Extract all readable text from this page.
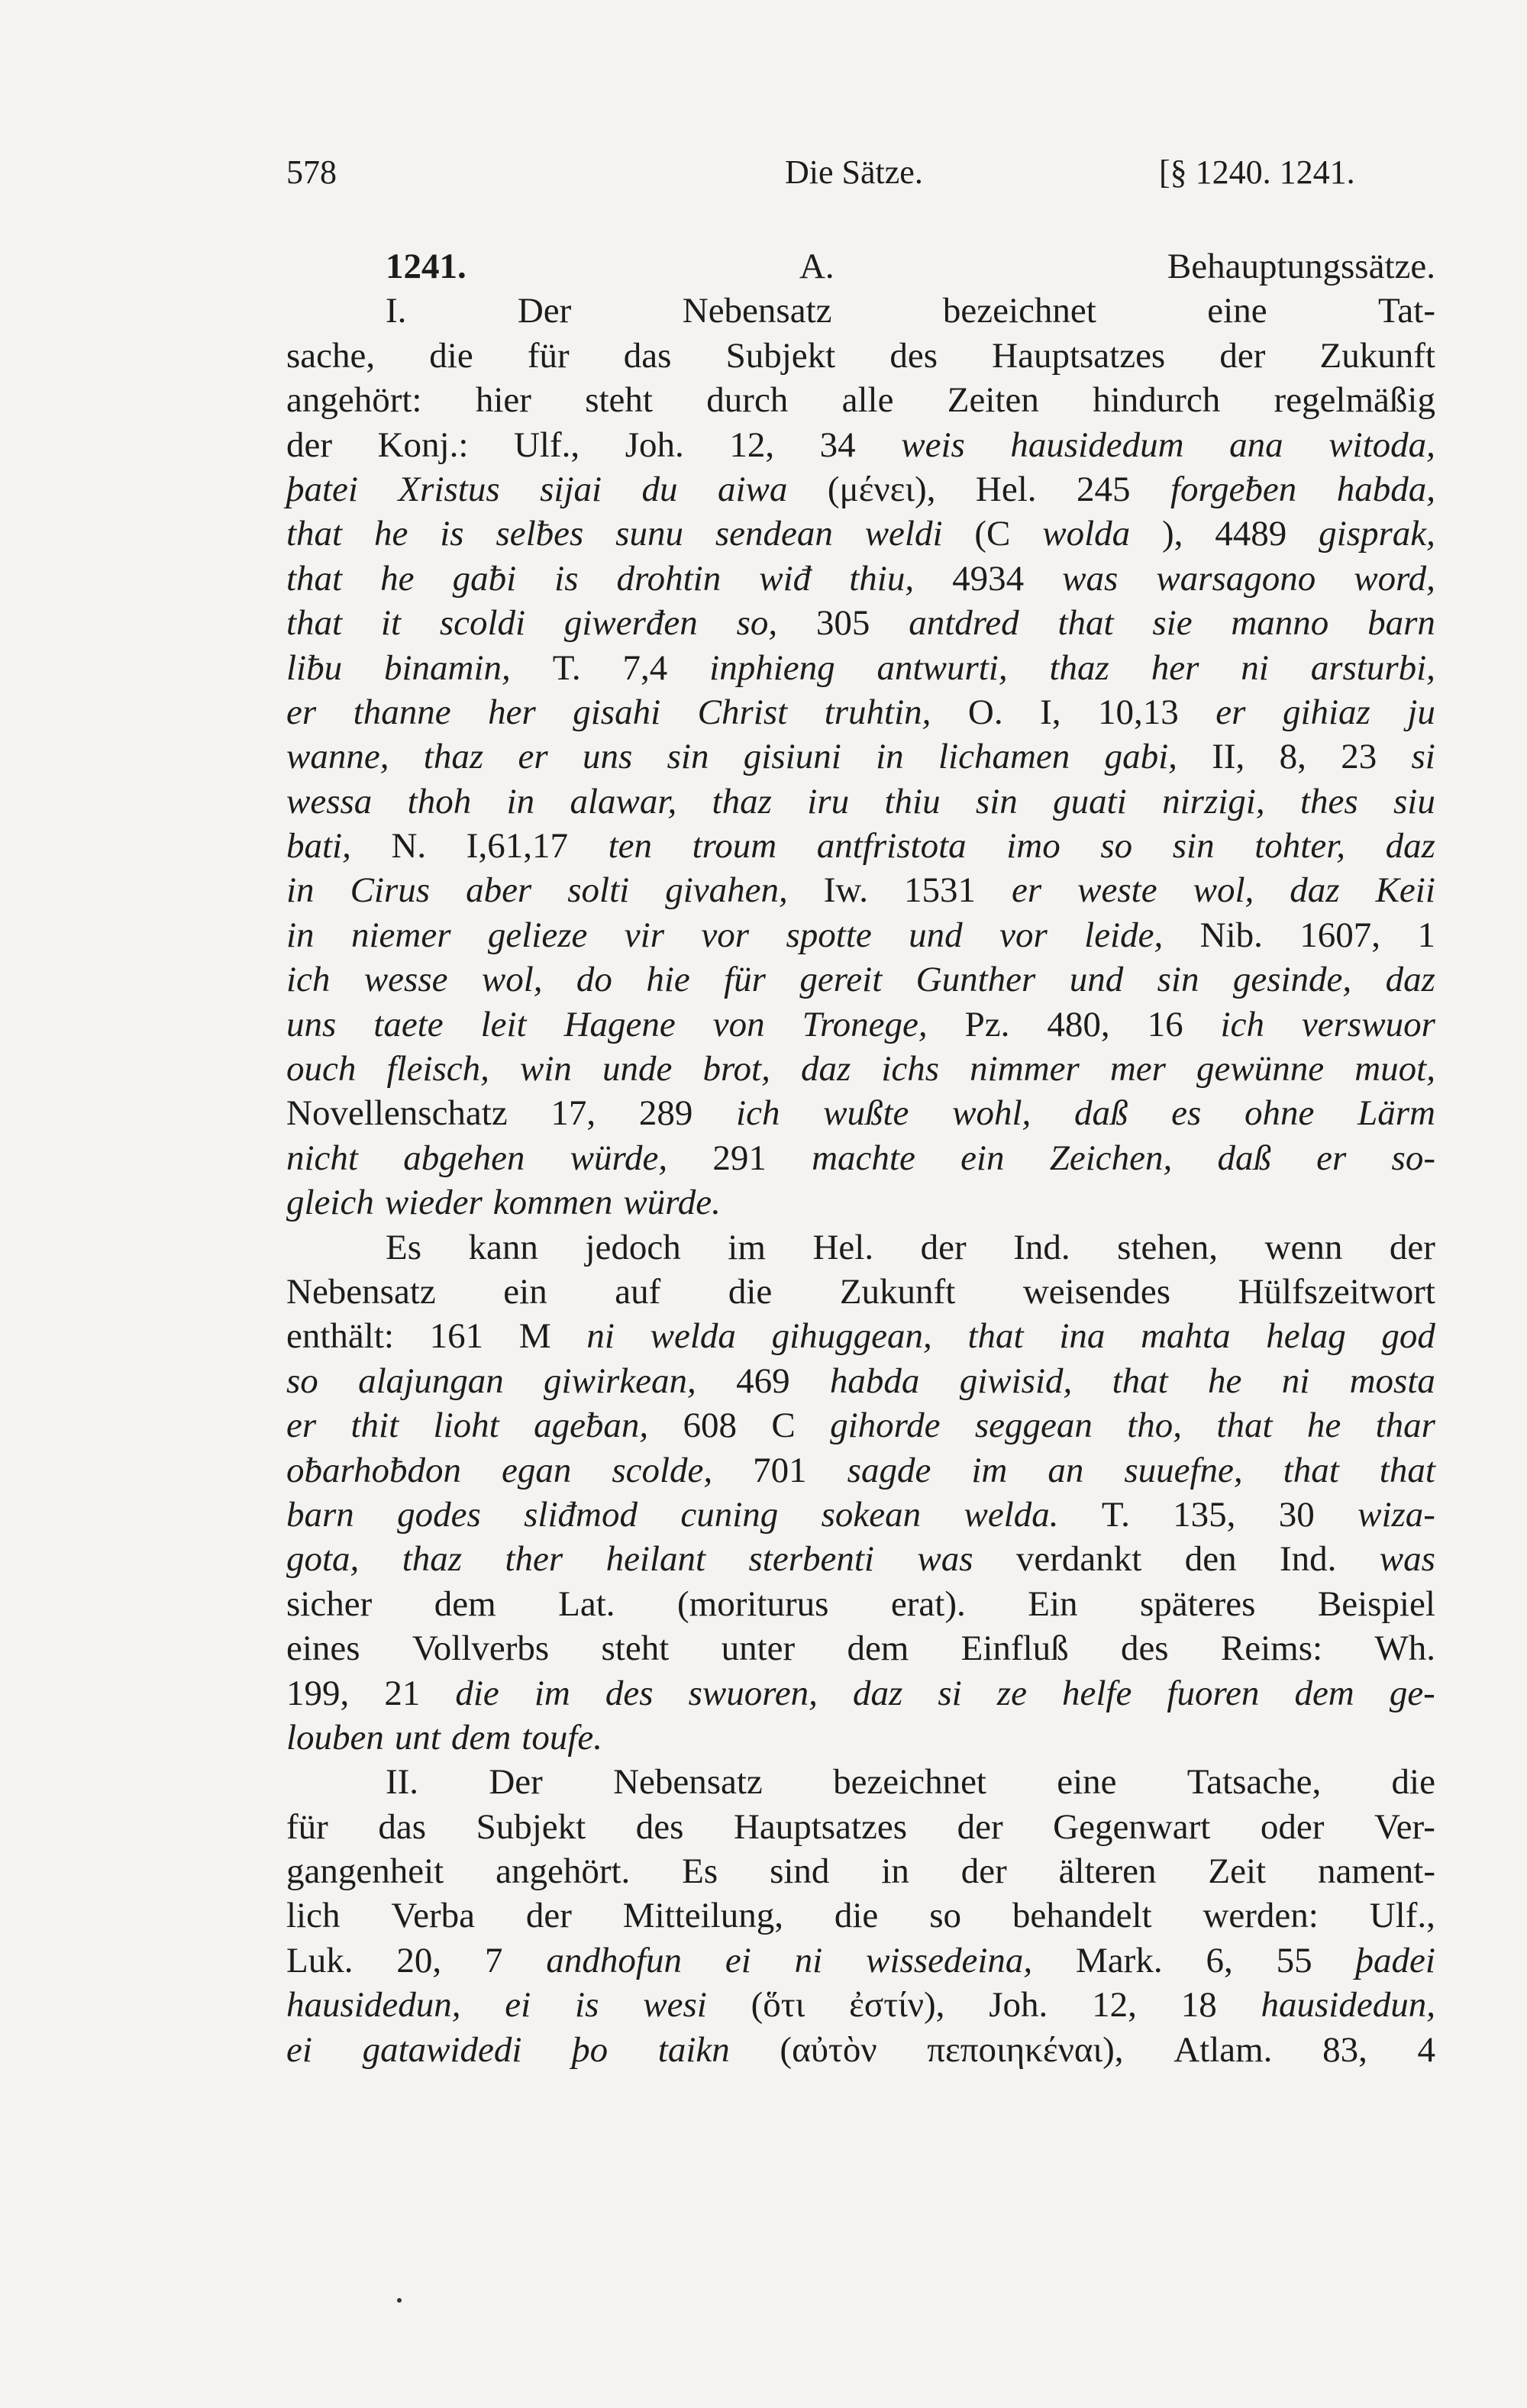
578	Die Sätze.	[§ 1240. 1241.
1241.	A.	Behauptungssätze.
I.	Der	Nebensatz	bezeichnet	eine	Tat-
sache, die für das Subjekt des Hauptsatzes der Zukunft
angehört: hier steht durch alle Zeiten hindurch regelmäßig
der Konj.: Ulf., Joh. 12, 34 weis hausidedum ana witoda,
þatei Xristus sijai du aiwa (μένει), Hel. 245 forgeƀen habda,
that he is selƀes sunu sendean weldi (C wolda ), 4489 gisprak,
that he gaƀi is drohtin wiđ thiu, 4934 was warsagono word,
that it scoldi giwerđen so, 305 antdred that sie manno barn
liƀu binamin, T. 7,4 inphieng antwurti, thaz her ni arsturbi,
er thanne her gisahi Christ truhtin, O. I, 10,13 er gihiaz ju
wanne, thaz er uns sin gisiuni in lichamen gabi, II, 8, 23 si
wessa thoh in alawar, thaz iru thiu sin guati nirzigi, thes siu
bati, N. I,61,17 ten troum antfristota imo so sin tohter, daz
in Cirus aber solti givahen, Iw. 1531 er weste wol, daz Keii
in niemer gelieze vir vor spotte und vor leide, Nib. 1607, 1
ich wesse wol, do hie für gereit Gunther und sin gesinde, daz
uns taete leit Hagene von Tronege, Pz. 480, 16 ich verswuor
ouch fleisch, win unde brot, daz ichs nimmer mer gewünne muot,
Novellenschatz 17, 289 ich wußte wohl, daß es ohne Lärm
nicht abgehen würde, 291 machte ein Zeichen, daß er so-
gleich wieder kommen würde.
Es kann jedoch im Hel. der Ind. stehen, wenn der
Nebensatz ein auf die Zukunft weisendes Hülfszeitwort
enthält: 161 M ni welda gihuggean, that ina mahta helag god
so alajungan giwirkean, 469 habda giwisid, that he ni mosta
er thit lioht ageƀan, 608 C gihorde seggean tho, that he thar
oƀarhoƀdon egan scolde, 701 sagde im an suuefne, that that
barn godes sliđmod cuning sokean welda. T. 135, 30 wiza-
gota, thaz ther heilant sterbenti was verdankt den Ind. was
sicher dem Lat. (moriturus erat). Ein späteres Beispiel
eines Vollverbs steht unter dem Einfluß des Reims: Wh.
199, 21 die im des swuoren, daz si ze helfe fuoren dem ge-
louben unt dem toufe.
II. Der Nebensatz bezeichnet eine Tatsache, die
für das Subjekt des Hauptsatzes der Gegenwart oder Ver-
gangenheit angehört. Es sind in der älteren Zeit nament-
lich Verba der Mitteilung, die so behandelt werden: Ulf.,
Luk. 20, 7 andhofun ei ni wissedeina, Mark. 6, 55 þadei
hausidedun, ei is wesi (ὅτι ἐστίν), Joh. 12, 18 hausidedun,
ei gatawidedi þo taikn (αὐτὸν πεποιηκέναι), Atlam. 83, 4
